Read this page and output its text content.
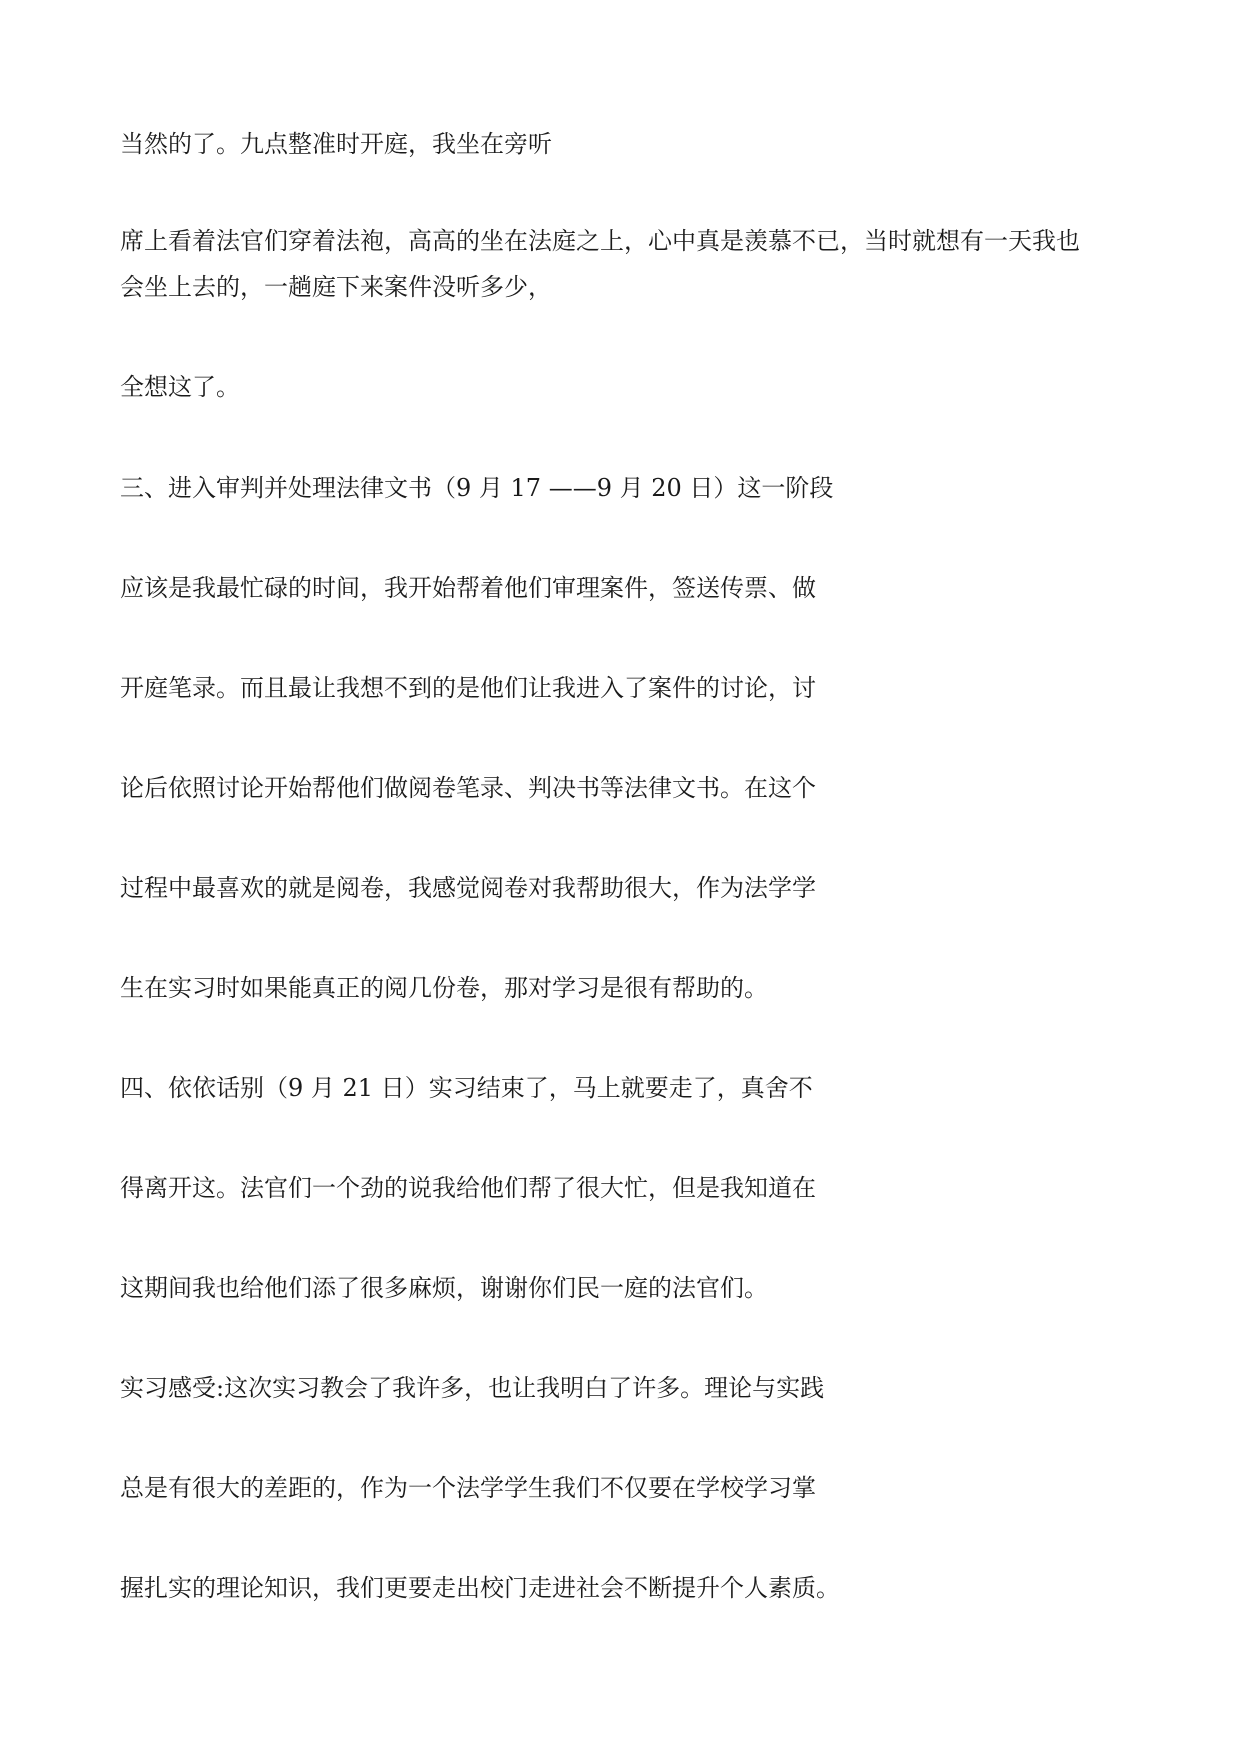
当然的了。九点整准时开庭，我坐在旁听
席上看着法官们穿着法袍，高高的坐在法庭之上，心中真是羡慕不已，当时就想有一天我也
会坐上去的，一趟庭下来案件没听多少，
全想这了。
三、进入审判并处理法律文书（9 月 17 ——9 月 20 日）这一阶段
应该是我最忙碌的时间，我开始帮着他们审理案件，签送传票、做
开庭笔录。而且最让我想不到的是他们让我进入了案件的讨论，讨
论后依照讨论开始帮他们做阅卷笔录、判决书等法律文书。在这个
过程中最喜欢的就是阅卷，我感觉阅卷对我帮助很大，作为法学学
生在实习时如果能真正的阅几份卷，那对学习是很有帮助的。
四、依依话别（9 月 21 日）实习结束了，马上就要走了，真舍不
得离开这。法官们一个劲的说我给他们帮了很大忙，但是我知道在
这期间我也给他们添了很多麻烦，谢谢你们民一庭的法官们。
实习感受:这次实习教会了我许多，也让我明白了许多。理论与实践
总是有很大的差距的，作为一个法学学生我们不仅要在学校学习掌
握扎实的理论知识，我们更要走出校门走进社会不断提升个人素质。
